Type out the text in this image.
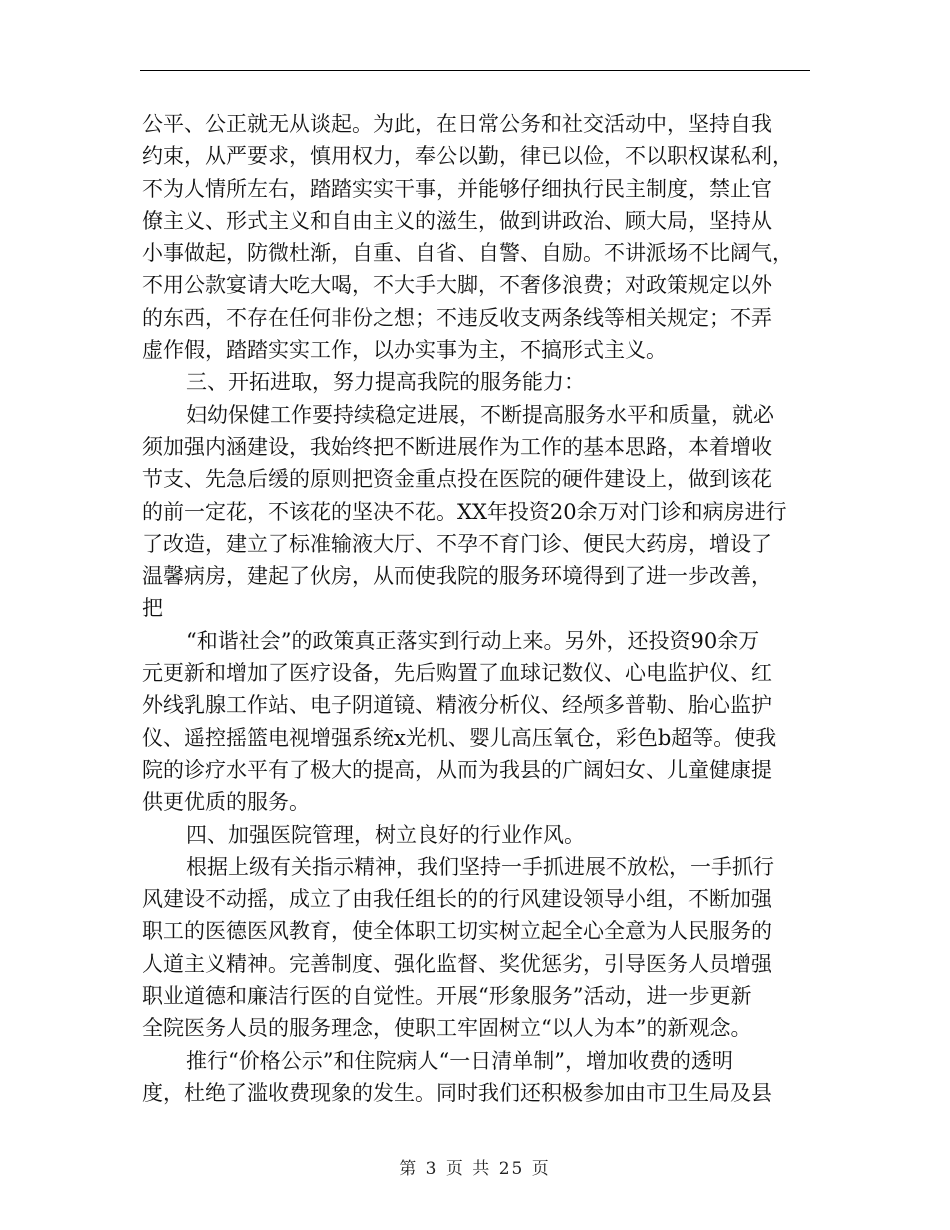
公平、公正就无从谈起。为此，在日常公务和社交活动中，坚持自我
约束，从严要求，慎用权力，奉公以勤，律已以俭，不以职权谋私利，
不为人情所左右，踏踏实实干事，并能够仔细执行民主制度，禁止官
僚主义、形式主义和自由主义的滋生，做到讲政治、顾大局，坚持从
小事做起，防微杜渐，自重、自省、自警、自励。不讲派场不比阔气，
不用公款宴请大吃大喝，不大手大脚，不奢侈浪费；对政策规定以外
的东西，不存在任何非份之想；不违反收支两条线等相关规定；不弄
虚作假，踏踏实实工作，以办实事为主，不搞形式主义。
三、开拓进取，努力提高我院的服务能力：
妇幼保健工作要持续稳定进展，不断提高服务水平和质量，就必
须加强内涵建设，我始终把不断进展作为工作的基本思路，本着增收
节支、先急后缓的原则把资金重点投在医院的硬件建设上，做到该花
的前一定花，不该花的坚决不花。XX年投资20余万对门诊和病房进行
了改造，建立了标准输液大厅、不孕不育门诊、便民大药房，增设了
温馨病房，建起了伙房，从而使我院的服务环境得到了进一步改善，
把
“和谐社会”的政策真正落实到行动上来。另外，还投资90余万
元更新和增加了医疗设备，先后购置了血球记数仪、心电监护仪、红
外线乳腺工作站、电子阴道镜、精液分析仪、经颅多普勒、胎心监护
仪、遥控摇篮电视增强系统x光机、婴儿高压氧仓，彩色b超等。使我
院的诊疗水平有了极大的提高，从而为我县的广阔妇女、儿童健康提
供更优质的服务。
四、加强医院管理，树立良好的行业作风。
根据上级有关指示精神，我们坚持一手抓进展不放松，一手抓行
风建设不动摇，成立了由我任组长的的行风建设领导小组，不断加强
职工的医德医风教育，使全体职工切实树立起全心全意为人民服务的
人道主义精神。完善制度、强化监督、奖优惩劣，引导医务人员增强
职业道德和廉洁行医的自觉性。开展“形象服务”活动，进一步更新
全院医务人员的服务理念，使职工牢固树立“以人为本”的新观念。
推行“价格公示”和住院病人“一日清单制”，增加收费的透明
度，杜绝了滥收费现象的发生。同时我们还积极参加由市卫生局及县
第 3 页 共 25 页
